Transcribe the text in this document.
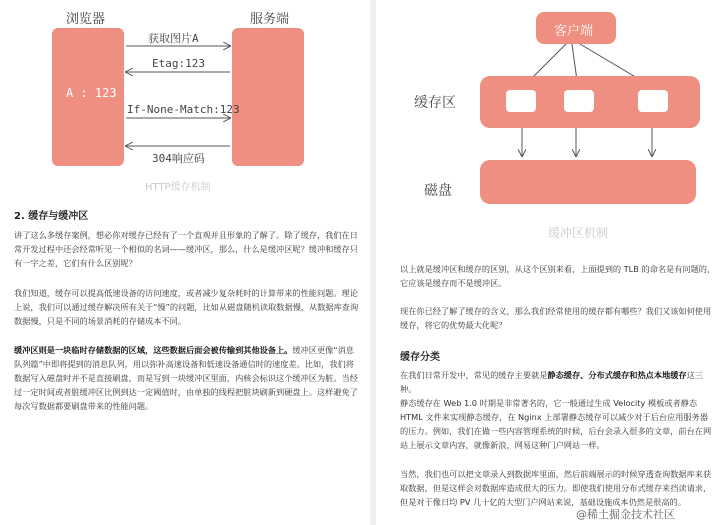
浏览器	服务端
A : 123
获取图片A
Etag:123
If-None-Match:123
304响应码
HTTP缓存机制
2. 缓存与缓冲区
讲了这么多缓存案例，想必你对缓存已经有了一个直观并且形象的了解了。除了缓存，我们在日常开发过程中还会经常听见一个相似的名词——缓冲区，那么，什么是缓冲区呢？缓冲和缓存只有一字之差，它们有什么区别呢？
我们知道，缓存可以提高低速设备的访问速度，或者减少复杂耗时的计算带来的性能问题。理论上说，我们可以通过缓存解决所有关于“慢”的问题，比如从磁盘随机读取数据慢，从数据库查询数据慢，只是不同的场景消耗的存储成本不同。
缓冲区则是一块临时存储数据的区域，这些数据后面会被传输到其他设备上。缓冲区更像“消息队列篇”中即将提到的消息队列，用以弥补高速设备和低速设备通信时的速度差。比如，我们将数据写入磁盘时并不是直接刷盘，而是写到一块缓冲区里面，内核会标识这个缓冲区为脏。当经过一定时间或者脏缓冲区比例到达一定阈值时，由单独的线程把脏块刷新到硬盘上。这样避免了每次写数据都要刷盘带来的性能问题。
客户端
缓存区
磁盘
缓冲区机制
以上就是缓冲区和缓存的区别，从这个区别来看，上面提到的 TLB 的命名是有问题的，它应该是缓存而不是缓冲区。
现在你已经了解了缓存的含义，那么我们经常使用的缓存都有哪些？我们又该如何使用缓存，将它的优势最大化呢？
缓存分类
在我们日常开发中，常见的缓存主要就是静态缓存、分布式缓存和热点本地缓存这三种。
静态缓存在 Web 1.0 时期是非常著名的，它一般通过生成 Velocity 模板或者静态 HTML 文件来实现静态缓存，在 Nginx 上部署静态缓存可以减少对于后台应用服务器的压力。例如，我们在做一些内容管理系统的时候，后台会录入很多的文章，前台在网站上展示文章内容，就像新浪，网易这种门户网站一样。
当然，我们也可以把文章录入到数据库里面，然后前端展示的时候穿透查询数据库来获取数据，但是这样会对数据库造成很大的压力。即使我们使用分布式缓存来挡读请求，但是对于像日均 PV 几十亿的大型门户网站来说，基础设施成本仍然是很高的。
@稀土掘金技术社区
